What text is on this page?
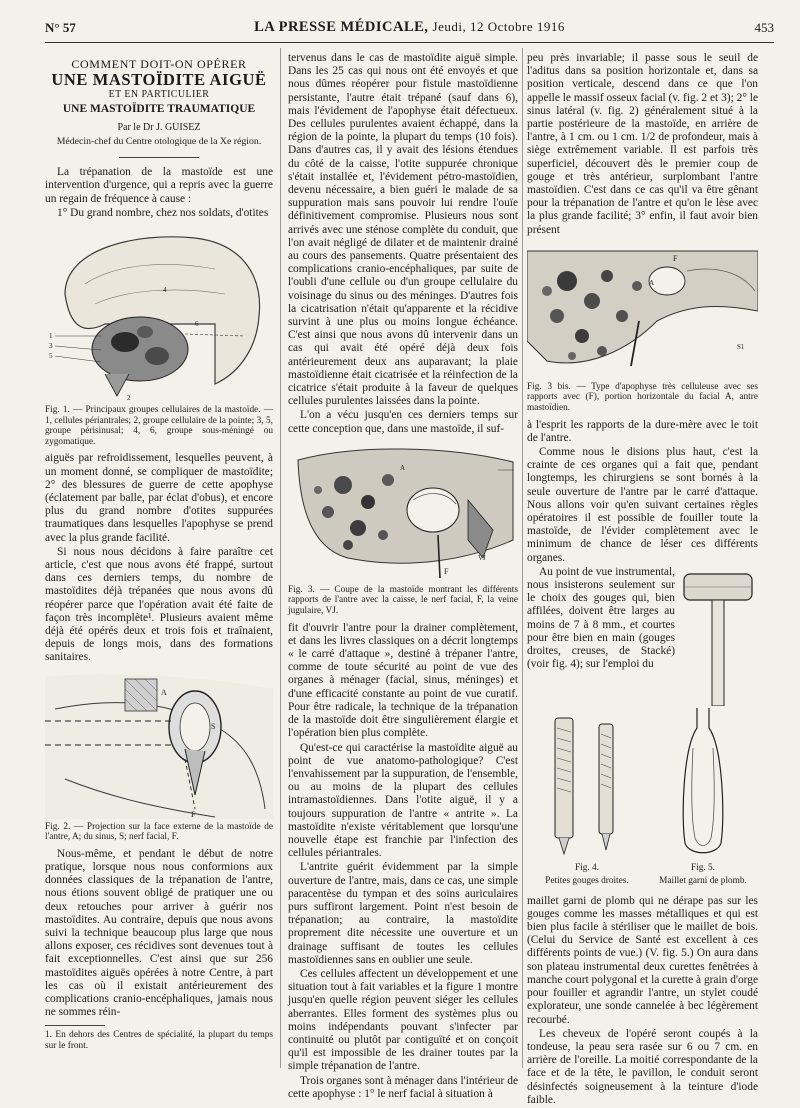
N° 57	LA PRESSE MÉDICALE, Jeudi, 12 Octobre 1916	453
COMMENT DOIT-ON OPÉRER
UNE MASTOÏDITE AIGUË
ET EN PARTICULIER
UNE MASTOÏDITE TRAUMATIQUE
Par le Dr J. GUISEZ
Médecin-chef du Centre otologique de la Xe région.

La trépanation de la mastoïde est une intervention d'urgence, qui a repris avec la guerre un regain de fréquence à cause :

1° Du grand nombre, chez nos soldats, d'otites

4
6
1
3
5
2
Fig. 1. — Principaux groupes cellulaires de la mastoïde. — 1, cellules périantrales; 2, groupe cellulaire de la pointe; 3, 5, groupe périsinusal; 4, 6, groupe sous-méningé ou zygomatique.

aiguës par refroidissement, lesquelles peuvent, à un moment donné, se compliquer de mastoïdite; 2° des blessures de guerre de cette apophyse (éclatement par balle, par éclat d'obus), et encore plus du grand nombre d'otites suppurées traumatiques dans lesquelles l'apophyse se prend avec la plus grande facilité.

Si nous nous décidons à faire paraître cet article, c'est que nous avons été frappé, surtout dans ces derniers temps, du nombre de mastoïdites déjà trépanées que nous avons dû réopérer parce que l'opération avait été faite de façon très incomplète¹. Plusieurs avaient même déjà été opérés deux et trois fois et traînaient, depuis de longs mois, dans des formations sanitaires.

A
S
F
Fig. 2. — Projection sur la face externe de la mastoïde de l'antre, A; du sinus, S; nerf facial, F.

Nous-même, et pendant le début de notre pratique, lorsque nous nous conformions aux données classiques de la trépanation de l'antre, nous étions souvent obligé de pratiquer une ou deux retouches pour arriver à guérir nos mastoïdites. Au contraire, depuis que nous avons suivi la technique beaucoup plus large que nous allons exposer, ces récidives sont devenues tout à fait exceptionnelles. C'est ainsi que sur 256 mastoïdites aiguës opérées à notre Centre, à part les cas où il existait antérieurement des complications cranio-encéphaliques, jamais nous ne sommes réin-

1. En dehors des Centres de spécialité, la plupart du temps sur le front.

tervenus dans le cas de mastoïdite aiguë simple. Dans les 25 cas qui nous ont été envoyés et que nous dûmes réopérer pour fistule mastoïdienne persistante, l'autre était trépané (sauf dans 6), mais l'évidement de l'apophyse était défectueux. Des cellules purulentes avaient échappé, dans la région de la pointe, la plupart du temps (10 fois). Dans d'autres cas, il y avait des lésions étendues du côté de la caisse, l'otite suppurée chronique s'était installée et, l'évidement pétro-mastoïdien, devenu nécessaire, a bien guéri le malade de sa suppuration mais sans pouvoir lui rendre l'ouïe définitivement compromise. Plusieurs nous sont arrivés avec une sténose complète du conduit, que l'on avait négligé de dilater et de maintenir drainé au cours des pansements. Quatre présentaient des complications cranio-encéphaliques, par suite de l'oubli d'une cellule ou d'un groupe cellulaire du voisinage du sinus ou des méninges. D'autres fois la cicatrisation n'était qu'apparente et la récidive survint à une plus ou moins longue échéance. C'est ainsi que nous avons dû intervenir dans un cas qui avait été opéré déjà deux fois antérieurement deux ans auparavant; la plaie mastoïdienne était cicatrisée et la réinfection de la cicatrice s'était produite à la faveur de quelques cellules purulentes laissées dans la pointe.

L'on a vécu jusqu'en ces derniers temps sur cette conception que, dans une mastoïde, il suf-

F
VJ
A
Fig. 3. — Coupe de la mastoïde montrant les différents rapports de l'antre avec la caisse, le nerf facial, F, la veine jugulaire, VJ.

fit d'ouvrir l'antre pour la drainer complètement, et dans les livres classiques on a décrit longtemps « le carré d'attaque », destiné à trépaner l'antre, comme de toute sécurité au point de vue des organes à ménager (facial, sinus, méninges) et d'une efficacité constante au point de vue curatif. Pour être radicale, la technique de la trépanation de la mastoïde doit être singulièrement élargie et l'opération bien plus complète.

Qu'est-ce qui caractérise la mastoïdite aiguë au point de vue anatomo-pathologique? C'est l'envahissement par la suppuration, de l'ensemble, ou au moins de la plupart des cellules intramastoïdiennes. Dans l'otite aiguë, il y a toujours suppuration de l'antre « antrite ». La mastoïdite n'existe véritablement que lorsqu'une nouvelle étape est franchie par l'infection des cellules périantrales.

L'antrite guérit évidemment par la simple ouverture de l'antre, mais, dans ce cas, une simple paracentèse du tympan et des soins auriculaires purs suffiront largement. Point n'est besoin de trépanation; au contraire, la mastoïdite proprement dite nécessite une ouverture et un drainage suffisant de toutes les cellules mastoïdiennes sans en oublier une seule.

Ces cellules affectent un développement et une situation tout à fait variables et la figure 1 montre jusqu'en quelle région peuvent siéger les cellules aberrantes. Elles forment des systèmes plus ou moins indépendants pouvant s'infecter par continuité ou plutôt par contiguïté et on conçoit qu'il est impossible de les drainer toutes par la simple trépanation de l'antre.

Trois organes sont à ménager dans l'intérieur de cette apophyse : 1° le nerf facial à situation à

peu près invariable; il passe sous le seuil de l'aditus dans sa position horizontale et, dans sa position verticale, descend dans ce que l'on appelle le massif osseux facial (v. fig. 2 et 3); 2° le sinus latéral (v. fig. 2) généralement situé à la partie postérieure de la mastoïde, en arrière de l'antre, à 1 cm. ou 1 cm. 1/2 de profondeur, mais à siège extrêmement variable. Il est parfois très superficiel, découvert dès le premier coup de gouge et très antérieur, surplombant l'antre mastoïdien. C'est dans ce cas qu'il va être gênant pour la trépanation de l'antre et qu'on le lèse avec la plus grande facilité; 3° enfin, il faut avoir bien présent

F
A
S1
Fig. 3 bis. — Type d'apophyse très celluleuse avec ses rapports avec (F), portion horizontale du facial A, antre mastoïdien.

à l'esprit les rapports de la dure-mère avec le toit de l'antre.

Comme nous le disions plus haut, c'est la crainte de ces organes qui a fait que, pendant longtemps, les chirurgiens se sont bornés à la seule ouverture de l'antre par le carré d'attaque. Nous allons voir qu'en suivant certaines règles opératoires il est possible de fouiller toute la mastoïde, de l'évider complètement avec le minimum de chance de léser ces différents organes.

Au point de vue instrumental, nous insisterons seulement sur le choix des gouges qui, bien affilées, doivent être larges au moins de 7 à 8 mm., et courtes pour être bien en main (gouges droites, creuses, de Stacké) (voir fig. 4); sur l'emploi du

Fig. 4.
Petites gouges droites.
Fig. 5.
Maillet garni de plomb.

maillet garni de plomb qui ne dérape pas sur les gouges comme les masses métalliques et qui est bien plus facile à stériliser que le maillet de bois. (Celui du Service de Santé est excellent à ces différents points de vue.) (V. fig. 5.) On aura dans son plateau instrumental deux curettes fenêtrées à manche court polygonal et la curette à grain d'orge pour fouiller et agrandir l'antre, un stylet coudé explorateur, une sonde cannelée à bec légèrement recourbé.

Les cheveux de l'opéré seront coupés à la tondeuse, la peau sera rasée sur 6 ou 7 cm. en arrière de l'oreille. La moitié correspondante de la face et de la tête, le pavillon, le conduit seront désinfectés soigneusement à la teinture d'iode faible.
